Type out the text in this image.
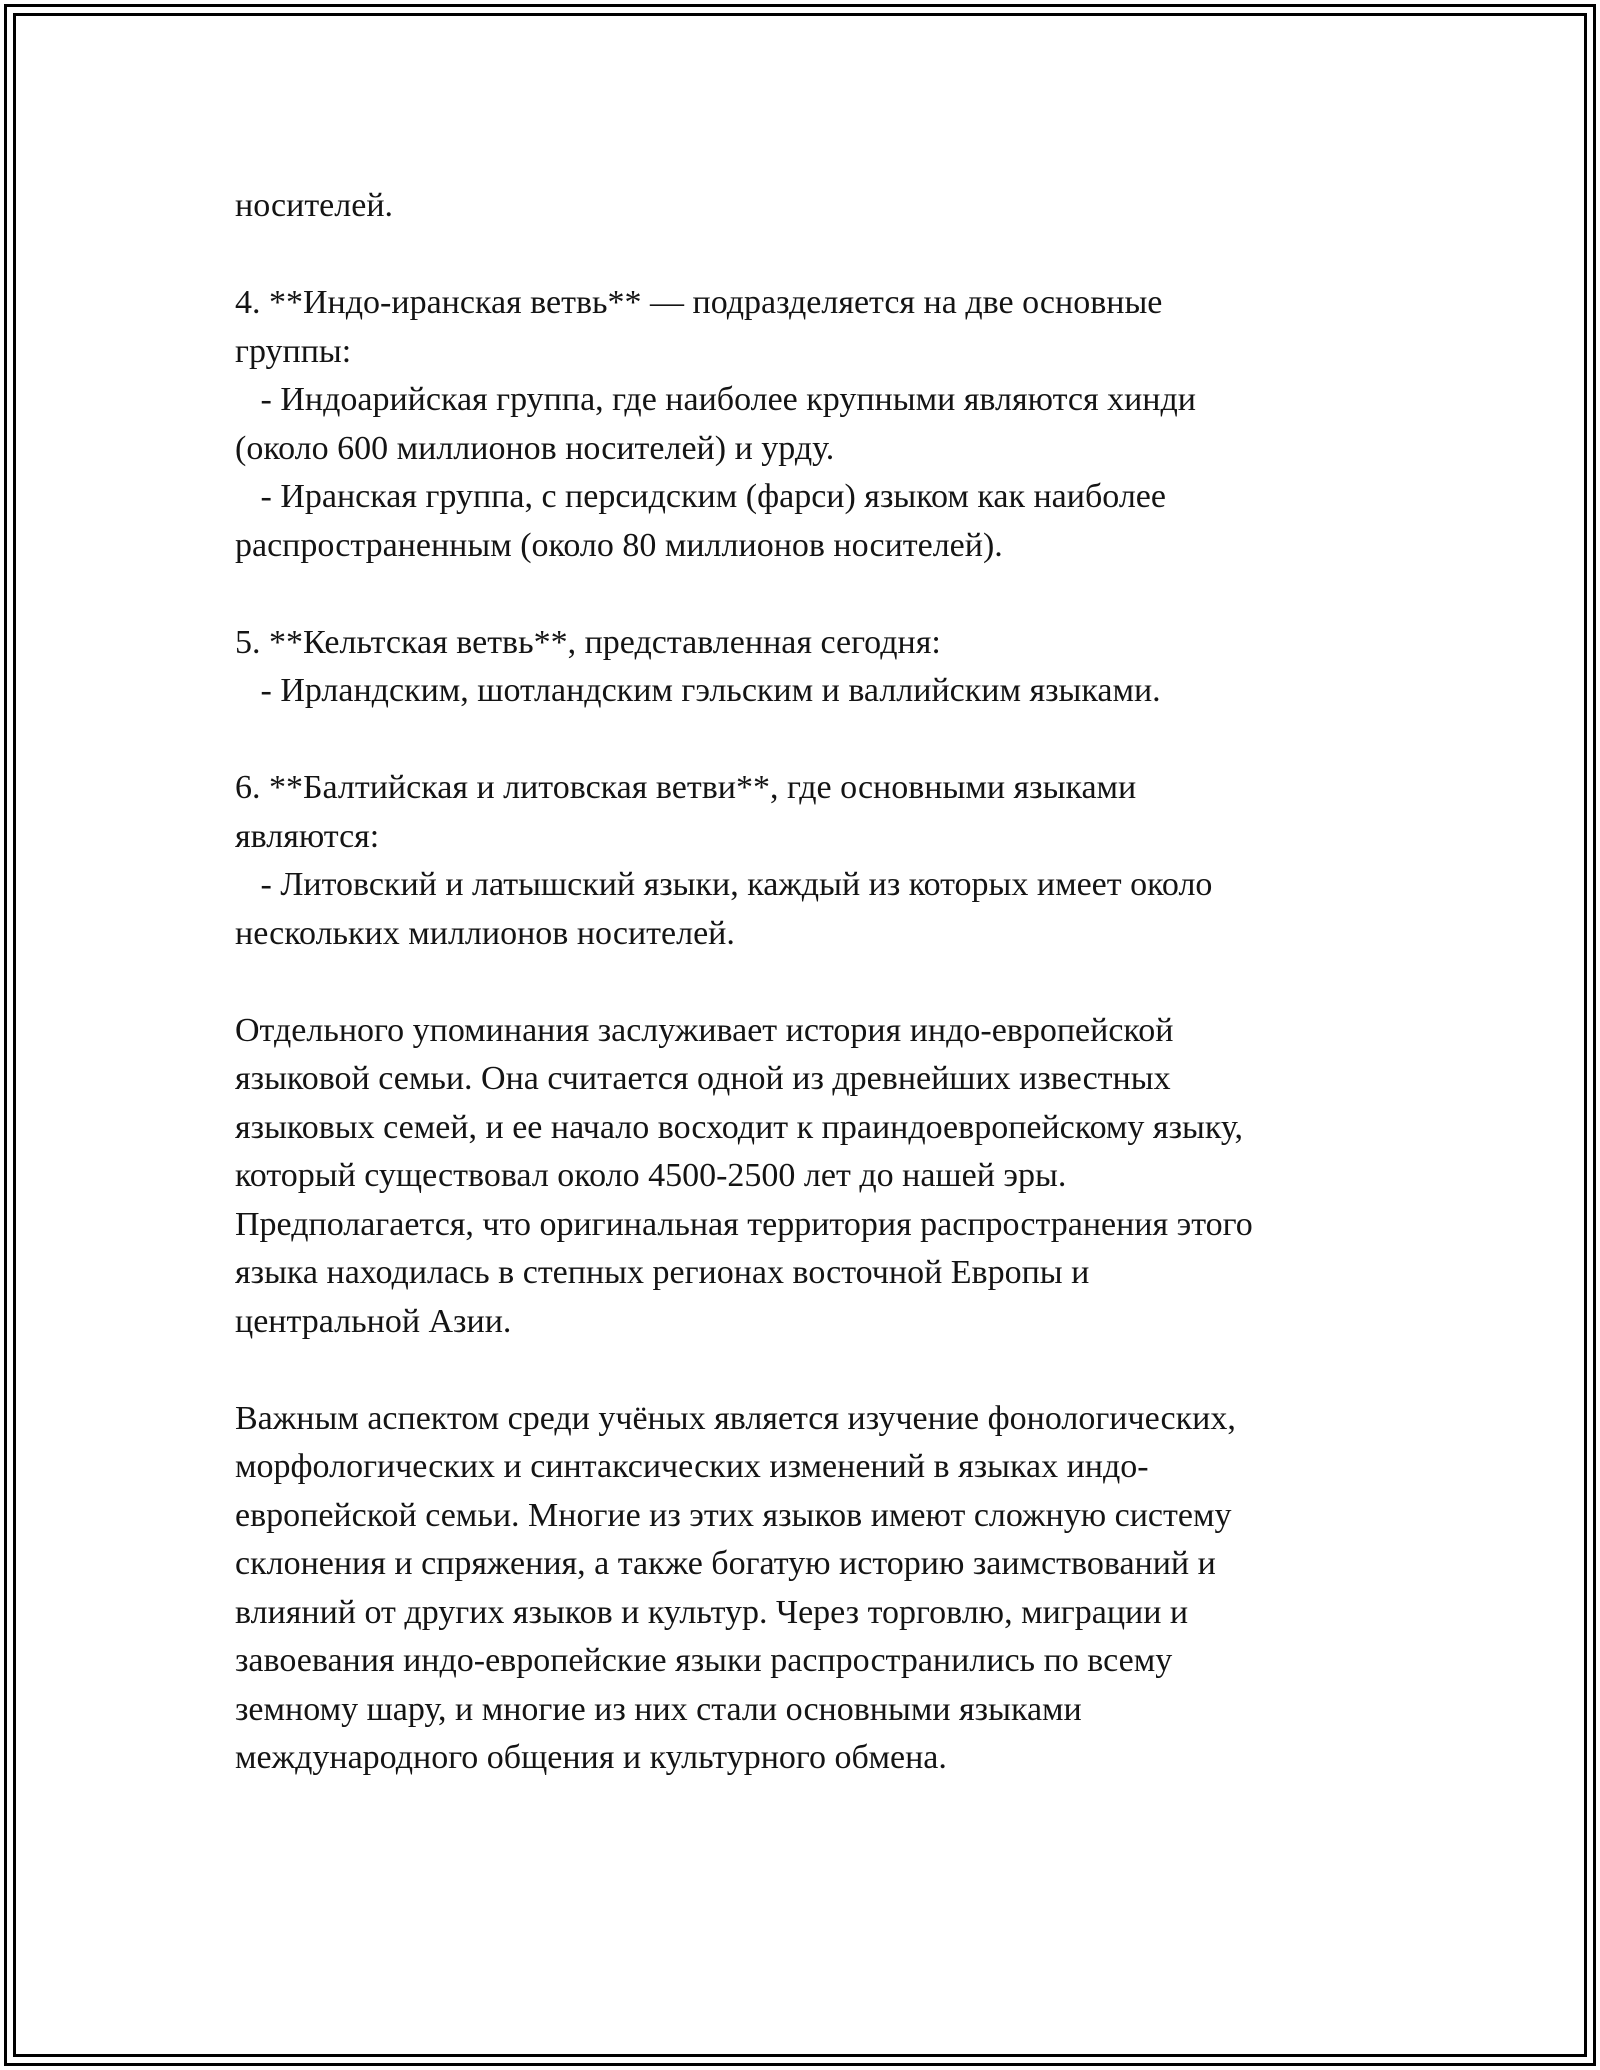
носителей.
4. **Индо-иранская ветвь** — подразделяется на две основные
группы:
- Индоарийская группа, где наиболее крупными являются хинди
(около 600 миллионов носителей) и урду.
- Иранская группа, с персидским (фарси) языком как наиболее
распространенным (около 80 миллионов носителей).
5. **Кельтская ветвь**, представленная сегодня:
- Ирландским, шотландским гэльским и валлийским языками.
6. **Балтийская и литовская ветви**, где основными языками
являются:
- Литовский и латышский языки, каждый из которых имеет около
нескольких миллионов носителей.
Отдельного упоминания заслуживает история индо-европейской
языковой семьи. Она считается одной из древнейших известных
языковых семей, и ее начало восходит к праиндоевропейскому языку,
который существовал около 4500-2500 лет до нашей эры.
Предполагается, что оригинальная территория распространения этого
языка находилась в степных регионах восточной Европы и
центральной Азии.
Важным аспектом среди учёных является изучение фонологических,
морфологических и синтаксических изменений в языках индо-
европейской семьи. Многие из этих языков имеют сложную систему
склонения и спряжения, а также богатую историю заимствований и
влияний от других языков и культур. Через торговлю, миграции и
завоевания индо-европейские языки распространились по всему
земному шару, и многие из них стали основными языками
международного общения и культурного обмена.
